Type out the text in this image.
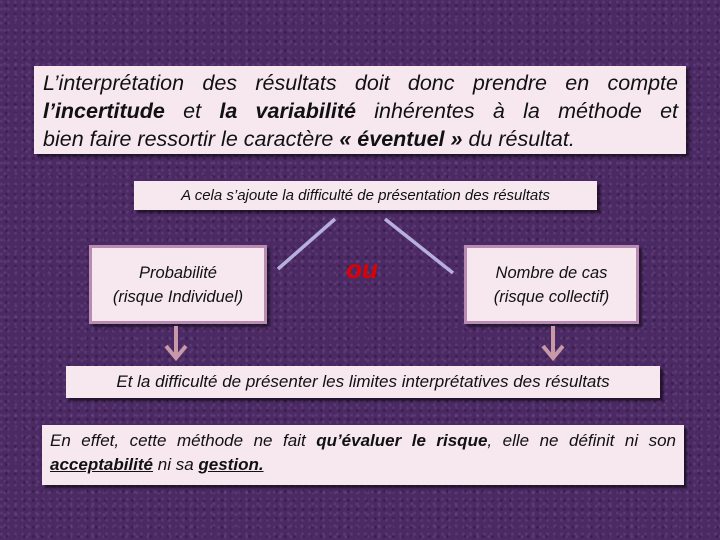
L’interprétation des résultats doit donc prendre en compte
l’incertitude et la variabilité inhérentes à la méthode et
bien faire ressortir le caractère « éventuel » du résultat.
A cela s’ajoute la difficulté de présentation des résultats
Probabilité
(risque Individuel)
ou	Nombre de cas
(risque collectif)
Et la difficulté de présenter les limites interprétatives des résultats
En effet, cette méthode ne fait qu’évaluer le risque, elle ne définit ni son acceptabilité ni sa gestion.
